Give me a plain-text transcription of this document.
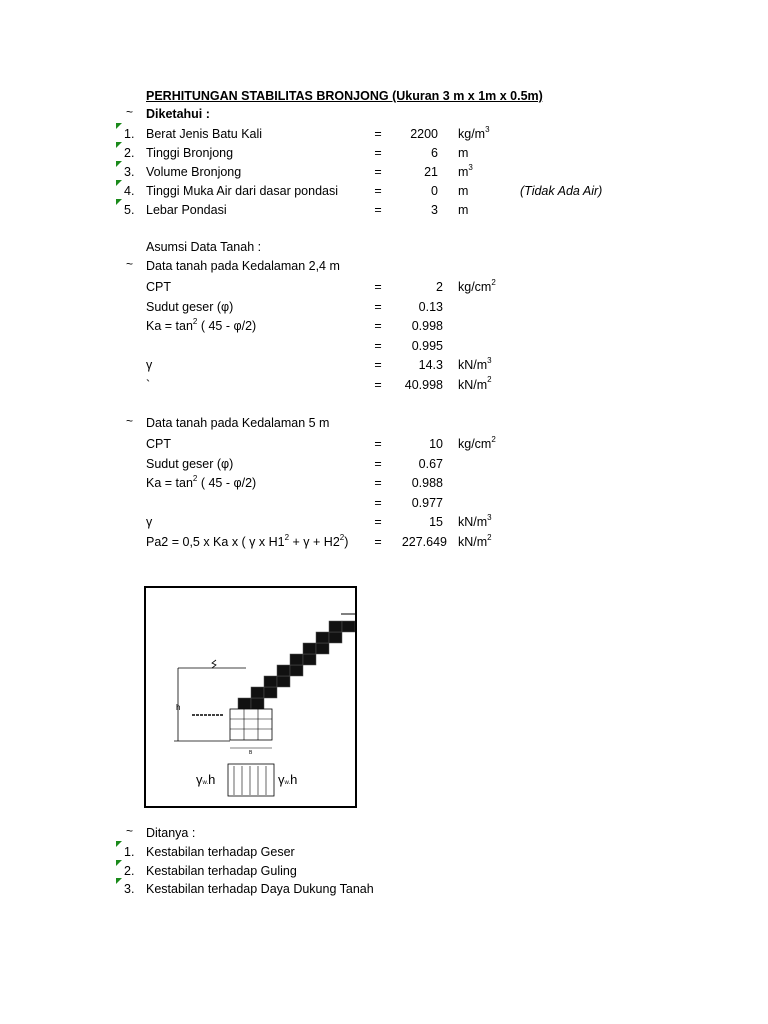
PERHITUNGAN STABILITAS BRONJONG (Ukuran 3 m x 1m x 0.5m)
~ Diketahui :
1. Berat Jenis Batu Kali	=	2200 $kg/m^3$
2. Tinggi Bronjong	=	6 m
3. Volume Bronjong	=	21 $m^3$
4. Tinggi Muka Air dari dasar pondasi	=	0 m	(Tidak Ada Air)
5. Lebar Pondasi	=	3 m
Asumsi Data Tanah :
~ Data tanah pada Kedalaman 2,4 m
CPT	=	2 $kg/cm^2$
Sudut geser (φ)	=	0.13
$Ka = \tan^2$ ( 45 - φ/2)	=	0.998
=	0.995
γ	=	14.3 $kN/m^3$
`	=	40.998 $kN/m^2$
~ Data tanah pada Kedalaman 5 m
CPT	=	10 $kg/cm^2$
Sudut geser (φ)	=	0.67
$Ka = \tan^2$ ( 45 - φ/2)	=	0.988
=	0.977
γ	=	15 $kN/m^3$
Pa2 = 0,5 x Ka x ( γ x $H1^2 + \gamma + H2^2$) =	227.649 $kN/m^2$
h
B
γw.h	γw.h
~ Ditanya :
1. Kestabilan terhadap Geser
2. Kestabilan terhadap Guling
3. Kestabilan terhadap Daya Dukung Tanah
